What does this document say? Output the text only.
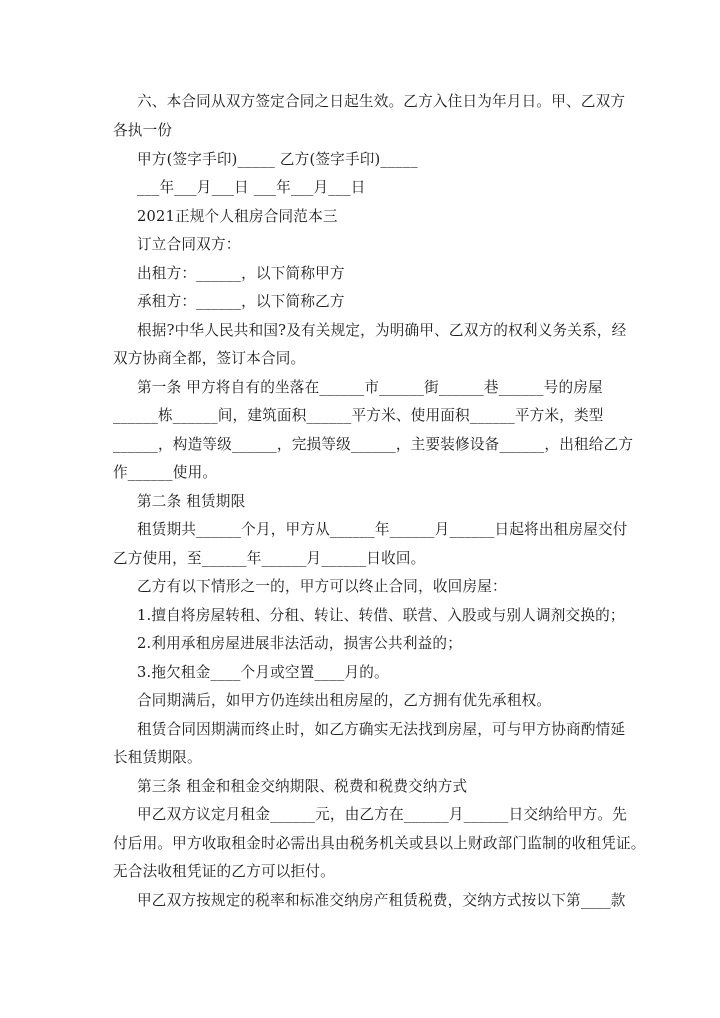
六、本合同从双方签定合同之日起生效。乙方入住日为年月日。甲、乙双方

各执一份

甲方(签字手印)_____ 乙方(签字手印)_____

___年___月___日 ___年___月___日

2021正规个人租房合同范本三

订立合同双方：

出租方：______，以下简称甲方

承租方：______，以下简称乙方

根据?中华人民共和国?及有关规定，为明确甲、乙双方的权利义务关系，经

双方协商全都，签订本合同。

第一条 甲方将自有的坐落在______市______街______巷______号的房屋

______栋______间，建筑面积______平方米、使用面积______平方米，类型

______，构造等级______，完损等级______，主要装修设备______，出租给乙方

作______使用。

第二条 租赁期限

租赁期共______个月，甲方从______年______月______日起将出租房屋交付

乙方使用，至______年______月______日收回。

乙方有以下情形之一的，甲方可以终止合同，收回房屋：

1.擅自将房屋转租、分租、转让、转借、联营、入股或与别人调剂交换的；

2.利用承租房屋进展非法活动，损害公共利益的；

3.拖欠租金____个月或空置____月的。

合同期满后，如甲方仍连续出租房屋的，乙方拥有优先承租权。

租赁合同因期满而终止时，如乙方确实无法找到房屋，可与甲方协商酌情延

长租赁期限。

第三条 租金和租金交纳期限、税费和税费交纳方式

甲乙双方议定月租金______元，由乙方在______月______日交纳给甲方。先

付后用。甲方收取租金时必需出具由税务机关或县以上财政部门监制的收租凭证。

无合法收租凭证的乙方可以拒付。

甲乙双方按规定的税率和标准交纳房产租赁税费，交纳方式按以下第____款
